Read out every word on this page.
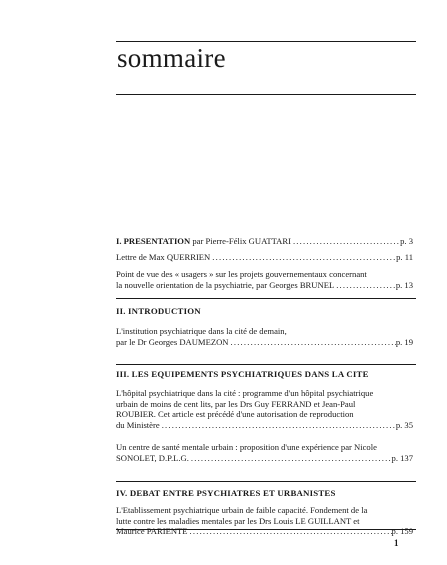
sommaire
I. PRESENTATION par Pierre-Félix GUATTARI .....	p. 3
Lettre de Max QUERRIEN .....	p. 11
Point de vue des « usagers » sur les projets gouvernementaux concernant
la nouvelle orientation de la psychiatrie, par Georges BRUNEL .....	p. 13
II. INTRODUCTION
L'institution psychiatrique dans la cité de demain,
par le Dr Georges DAUMEZON .....	p. 19
III. LES EQUIPEMENTS PSYCHIATRIQUES DANS LA CITE
L'hôpital psychiatrique dans la cité : programme d'un hôpital psychiatrique
urbain de moins de cent lits, par les Drs Guy FERRAND et Jean-Paul
ROUBIER. Cet article est précédé d'une autorisation de reproduction
du Ministère .....	p. 35
Un centre de santé mentale urbain : proposition d'une expérience par Nicole
SONOLET, D.P.L.G. .....	p. 137
IV. DEBAT ENTRE PSYCHIATRES ET URBANISTES
L'Etablissement psychiatrique urbain de faible capacité. Fondement de la
lutte contre les maladies mentales par les Drs Louis LE GUILLANT et
Maurice PARIENTE .....	p. 159
1
